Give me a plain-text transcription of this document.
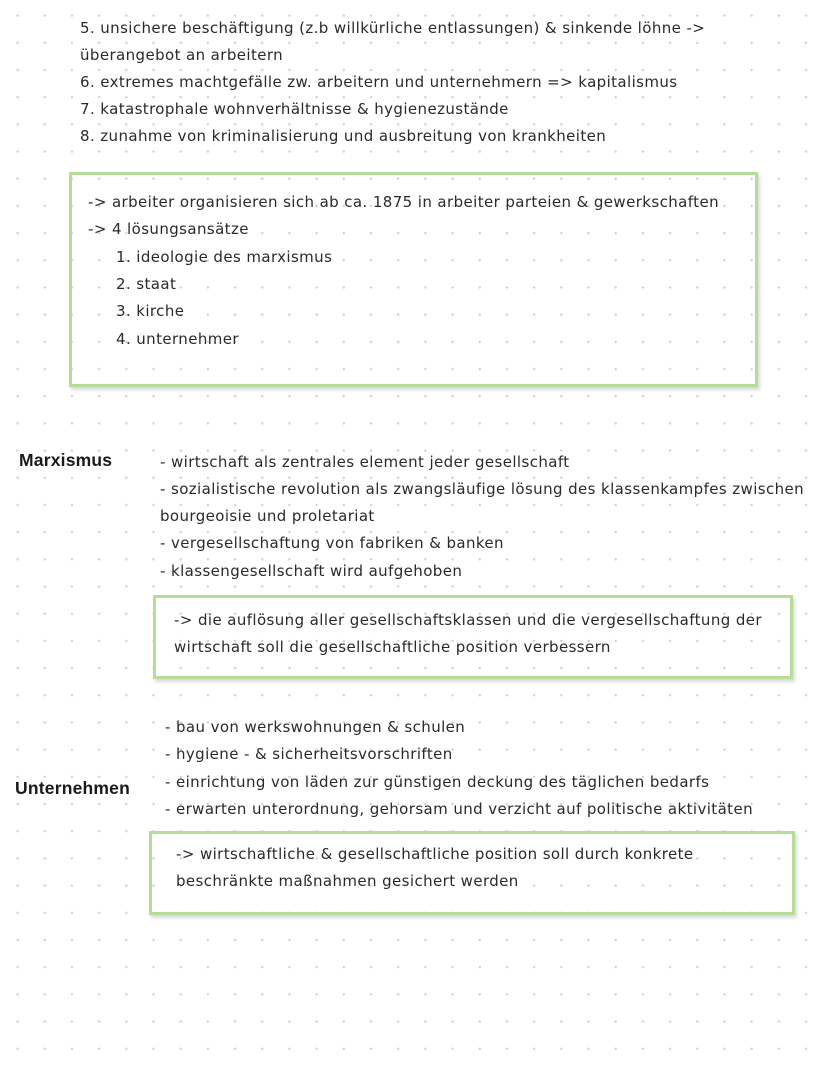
5. unsichere beschäftigung (z.b willkürliche entlassungen) & sinkende löhne ->
überangebot an arbeitern
6. extremes machtgefälle zw. arbeitern und unternehmern => kapitalismus
7. katastrophale wohnverhältnisse & hygienezustände
8. zunahme von kriminalisierung und ausbreitung von krankheiten
-> arbeiter organisieren sich ab ca. 1875 in arbeiter parteien & gewerkschaften
-> 4 lösungsansätze
1. ideologie des marxismus
2. staat
3. kirche
4. unternehmer
Marxismus	- wirtschaft als zentrales element jeder gesellschaft
- sozialistische revolution als zwangsläufige lösung des klassenkampfes zwischen
bourgeoisie und proletariat
- vergesellschaftung von fabriken & banken
- klassengesellschaft wird aufgehoben
-> die auflösung aller gesellschaftsklassen und die vergesellschaftung der
wirtschaft soll die gesellschaftliche position verbessern
- bau von werkswohnungen & schulen
- hygiene - & sicherheitsvorschriften
Unternehmen - einrichtung von läden zur günstigen deckung des täglichen bedarfs
- erwarten unterordnung, gehorsam und verzicht auf politische aktivitäten
-> wirtschaftliche & gesellschaftliche position soll durch konkrete
beschränkte maßnahmen gesichert werden
